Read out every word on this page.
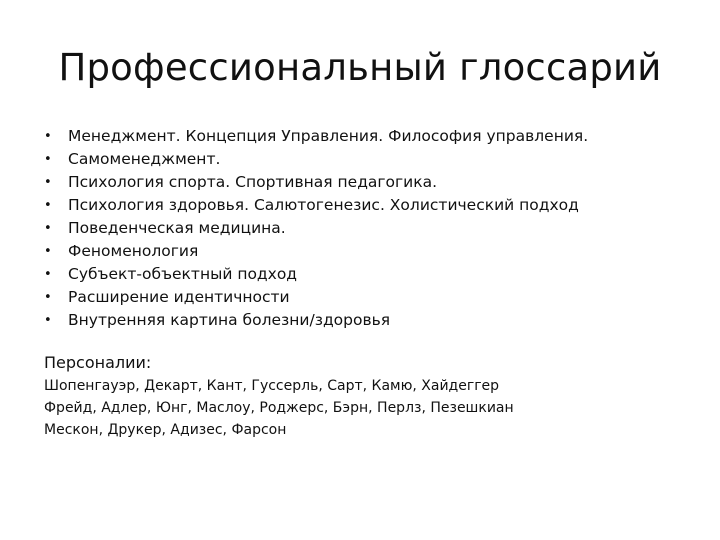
Профессиональный глоссарий
• Менеджмент. Концепция Управления. Философия управления.
• Самоменеджмент.
• Психология спорта. Спортивная педагогика.
• Психология здоровья. Салютогенезис. Холистический подход
• Поведенческая медицина.
• Феноменология
• Субъект-объектный подход
• Расширение идентичности
• Внутренняя картина болезни/здоровья

Персоналии:

Шопенгауэр, Декарт, Кант, Гуссерль, Сарт, Камю, Хайдеггер

Фрейд, Адлер, Юнг, Маслоу, Роджерс, Бэрн, Перлз, Пезешкиан

Мескон, Друкер, Адизес, Фарсон
